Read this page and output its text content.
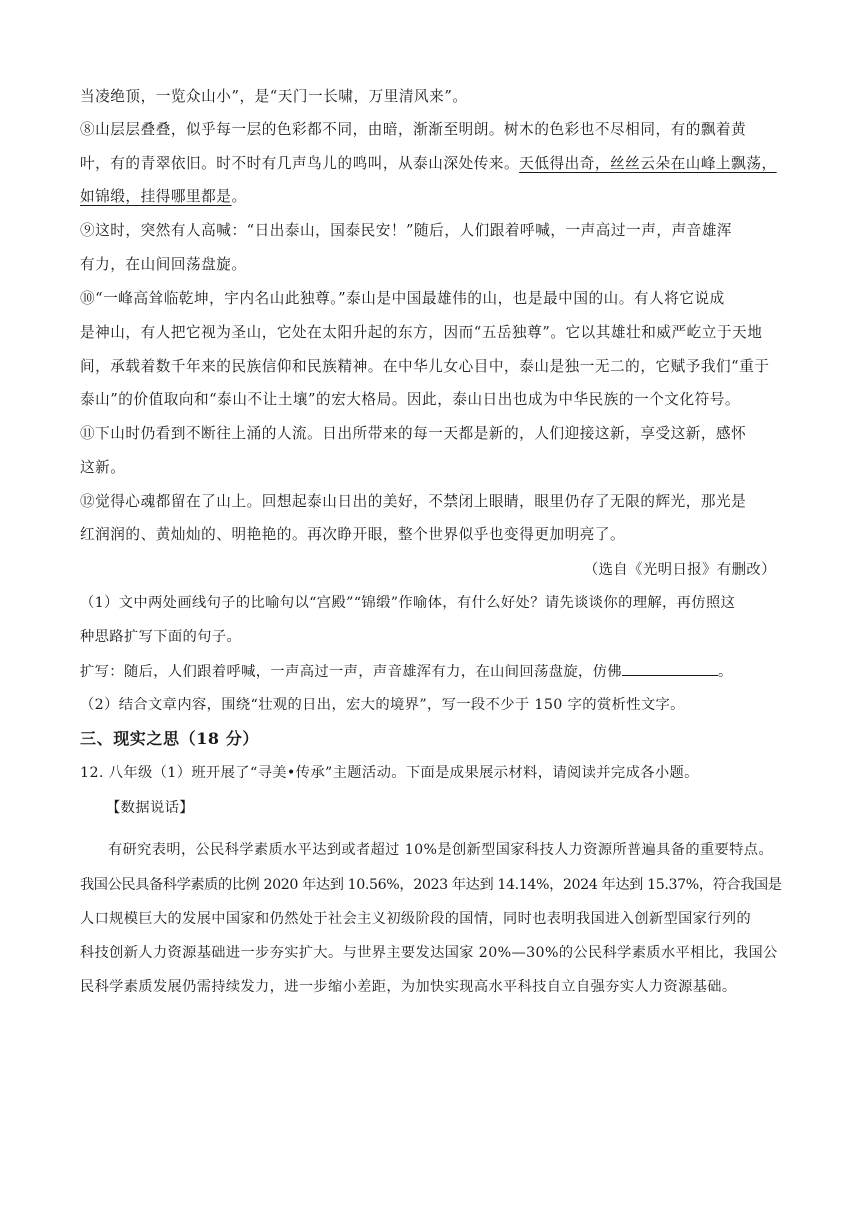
当凌绝顶，一览众山小”，是“天门一长啸，万里清风来”。
⑧山层层叠叠，似乎每一层的色彩都不同，由暗，渐渐至明朗。树木的色彩也不尽相同，有的飘着黄
叶，有的青翠依旧。时不时有几声鸟儿的鸣叫，从泰山深处传来。天低得出奇，丝丝云朵在山峰上飘荡，
如锦缎，挂得哪里都是。
⑨这时，突然有人高喊：“日出泰山，国泰民安！”随后，人们跟着呼喊，一声高过一声，声音雄浑
有力，在山间回荡盘旋。
⑩“一峰高耸临乾坤，宇内名山此独尊。”泰山是中国最雄伟的山，也是最中国的山。有人将它说成
是神山，有人把它视为圣山，它处在太阳升起的东方，因而“五岳独尊”。它以其雄壮和威严屹立于天地
间，承载着数千年来的民族信仰和民族精神。在中华儿女心目中，泰山是独一无二的，它赋予我们“重于
泰山”的价值取向和“泰山不让土壤”的宏大格局。因此，泰山日出也成为中华民族的一个文化符号。
⑪下山时仍看到不断往上涌的人流。日出所带来的每一天都是新的，人们迎接这新，享受这新，感怀
这新。
⑫觉得心魂都留在了山上。回想起泰山日出的美好，不禁闭上眼睛，眼里仍存了无限的辉光，那光是
红润润的、黄灿灿的、明艳艳的。再次睁开眼，整个世界似乎也变得更加明亮了。
（选自《光明日报》有删改）
（1）文中两处画线句子的比喻句以“宫殿”“锦缎”作喻体，有什么好处？请先谈谈你的理解，再仿照这
种思路扩写下面的句子。
扩写：随后，人们跟着呼喊，一声高过一声，声音雄浑有力，在山间回荡盘旋，仿佛	。
（2）结合文章内容，围绕“壮观的日出，宏大的境界”，写一段不少于 150 字的赏析性文字。
三、现实之思（18 分）
12. 八年级（1）班开展了“寻美•传承”主题活动。下面是成果展示材料，请阅读并完成各小题。
【数据说话】
有研究表明，公民科学素质水平达到或者超过 10%是创新型国家科技人力资源所普遍具备的重要特点。
我国公民具备科学素质的比例 2020 年达到 10.56%，2023 年达到 14.14%，2024 年达到 15.37%，符合我国是
人口规模巨大的发展中国家和仍然处于社会主义初级阶段的国情，同时也表明我国进入创新型国家行列的
科技创新人力资源基础进一步夯实扩大。与世界主要发达国家 20%—30%的公民科学素质水平相比，我国公
民科学素质发展仍需持续发力，进一步缩小差距，为加快实现高水平科技自立自强夯实人力资源基础。
